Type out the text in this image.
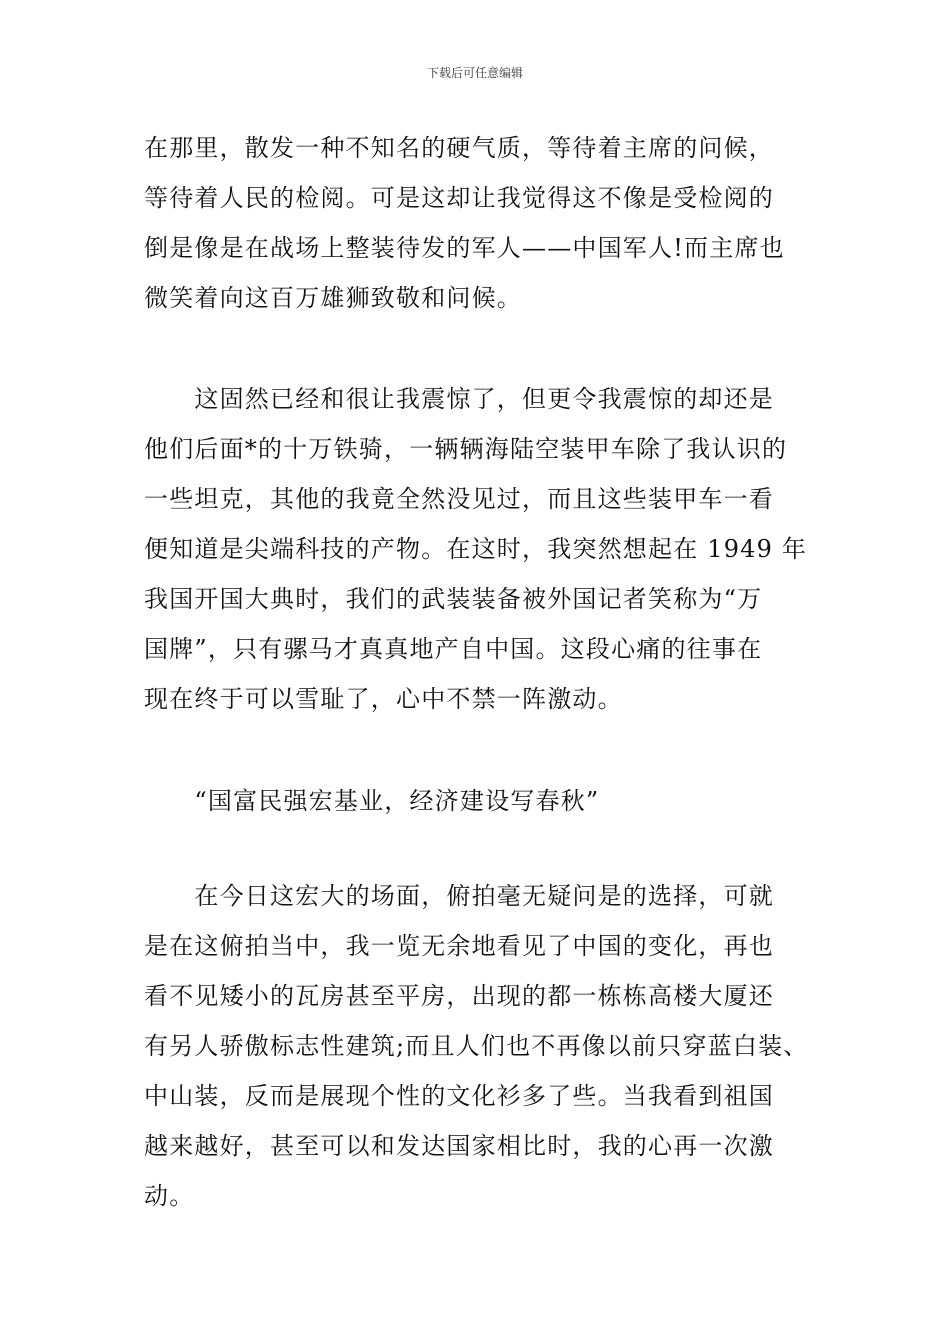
下载后可任意编辑
在那里，散发一种不知名的硬气质，等待着主席的问候，
等待着人民的检阅。可是这却让我觉得这不像是受检阅的
倒是像是在战场上整装待发的军人——中国军人!而主席也
微笑着向这百万雄狮致敬和问候。
　　这固然已经和很让我震惊了，但更令我震惊的却还是
他们后面*的十万铁骑，一辆辆海陆空装甲车除了我认识的
一些坦克，其他的我竟全然没见过，而且这些装甲车一看
便知道是尖端科技的产物。在这时，我突然想起在 1949 年
我国开国大典时，我们的武装装备被外国记者笑称为“万
国牌”，只有骡马才真真地产自中国。这段心痛的往事在
现在终于可以雪耻了，心中不禁一阵激动。
　　“国富民强宏基业，经济建设写春秋”
　　在今日这宏大的场面，俯拍毫无疑问是的选择，可就
是在这俯拍当中，我一览无余地看见了中国的变化，再也
看不见矮小的瓦房甚至平房，出现的都一栋栋高楼大厦还
有另人骄傲标志性建筑;而且人们也不再像以前只穿蓝白装、
中山装，反而是展现个性的文化衫多了些。当我看到祖国
越来越好，甚至可以和发达国家相比时，我的心再一次激
动。
